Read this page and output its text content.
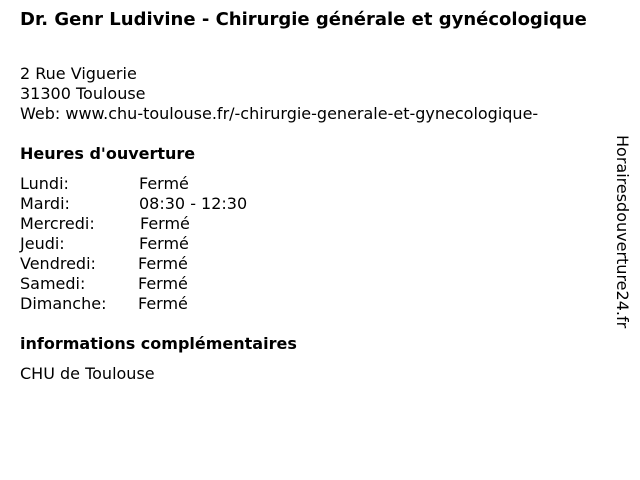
Dr. Genr Ludivine - Chirurgie générale et gynécologique
2 Rue Viguerie
31300 Toulouse
Web: www.chu-toulouse.fr/-chirurgie-generale-et-gynecologique-
Heures d'ouverture
Lundi:	Fermé
Mardi:	08:30 - 12:30
Mercredi:	Fermé
Jeudi:	Fermé
Vendredi:	Fermé
Samedi:	Fermé
Dimanche: Fermé
informations complémentaires
CHU de Toulouse
Horairesdouverture24.fr
